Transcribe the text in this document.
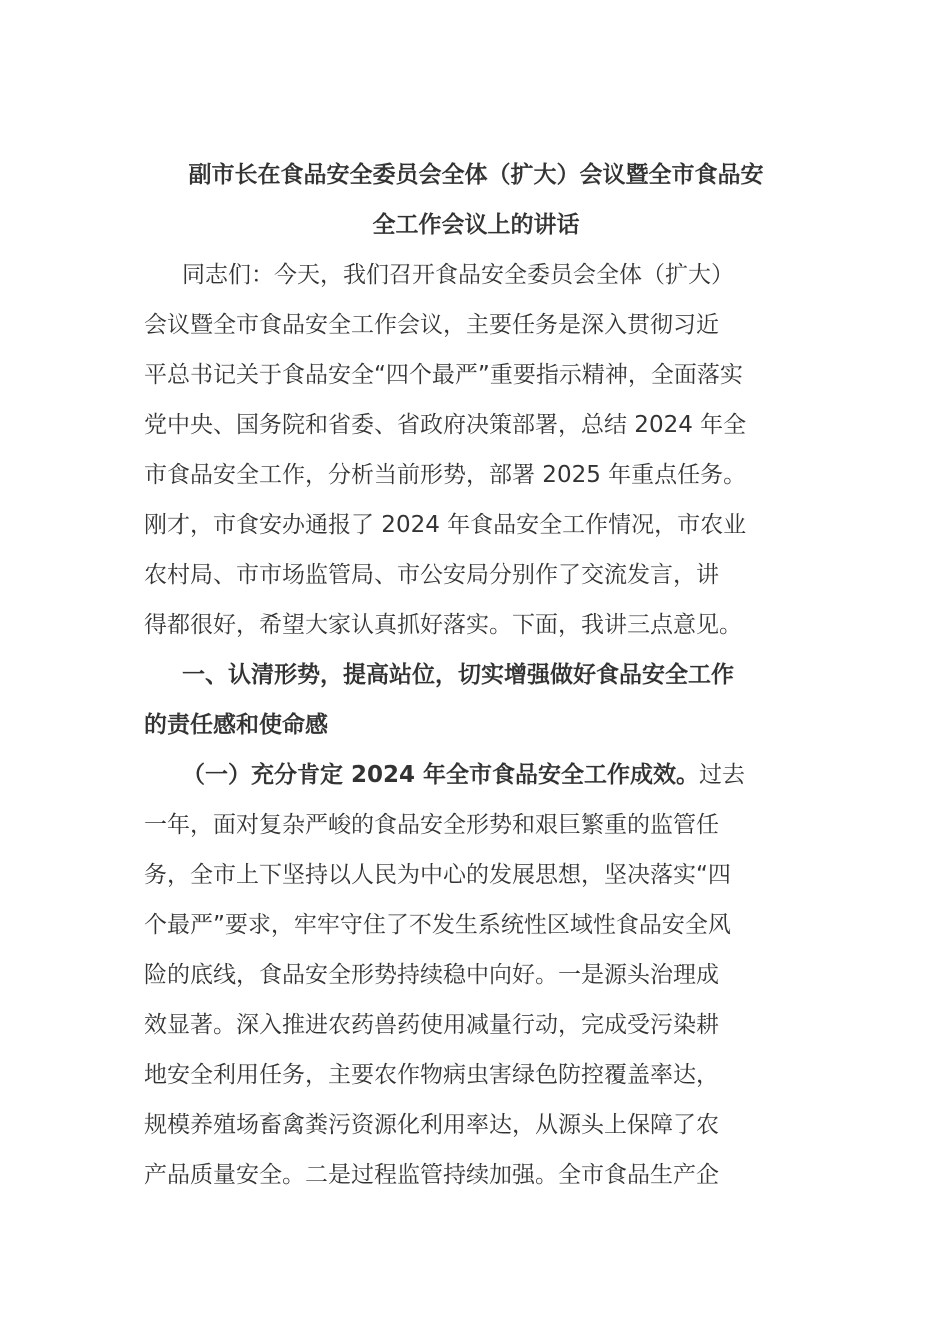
副市长在食品安全委员会全体（扩大）会议暨全市食品安
全工作会议上的讲话

同志们：今天，我们召开食品安全委员会全体（扩大）
会议暨全市食品安全工作会议，主要任务是深入贯彻习近
平总书记关于食品安全“四个最严”重要指示精神，全面落实
党中央、国务院和省委、省政府决策部署，总结 2024 年全
市食品安全工作，分析当前形势，部署 2025 年重点任务。
刚才，市食安办通报了 2024 年食品安全工作情况，市农业
农村局、市市场监管局、市公安局分别作了交流发言，讲
得都很好，希望大家认真抓好落实。下面，我讲三点意见。

一、认清形势，提高站位，切实增强做好食品安全工作
的责任感和使命感

（一）充分肯定 2024 年全市食品安全工作成效。过去
一年，面对复杂严峻的食品安全形势和艰巨繁重的监管任
务，全市上下坚持以人民为中心的发展思想，坚决落实“四
个最严”要求，牢牢守住了不发生系统性区域性食品安全风
险的底线，食品安全形势持续稳中向好。一是源头治理成
效显著。深入推进农药兽药使用减量行动，完成受污染耕
地安全利用任务，主要农作物病虫害绿色防控覆盖率达，
规模养殖场畜禽粪污资源化利用率达，从源头上保障了农
产品质量安全。二是过程监管持续加强。全市食品生产企
